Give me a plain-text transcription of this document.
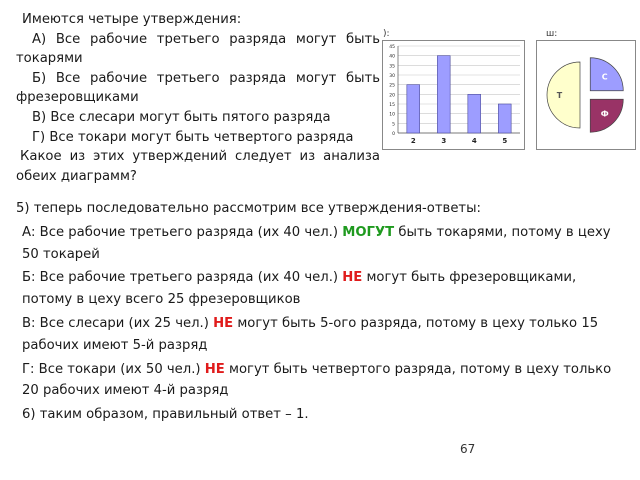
Имеются четыре утверждения:

А) Все рабочие третьего разряда могут быть токарями

Б) Все рабочие третьего разряда могут быть фрезеровщиками

В) Все слесари могут быть пятого разряда

Г) Все токари могут быть четвертого разряда

Какое из этих утверждений следует из анализа обеих диаграмм?

):	ш:
0
5
10
15
20
25
30
35
40
45
2	3	4	5
Т
С
Ф

5) теперь последовательно рассмотрим все утверждения-ответы:

А: Все рабочие третьего разряда (их 40 чел.) МОГУТ быть токарями, потому в цеху 50 токарей

Б: Все рабочие третьего разряда (их 40 чел.) НЕ могут быть фрезеровщиками, потому в цеху всего 25 фрезеровщиков

В: Все слесари (их 25 чел.) НЕ могут быть 5-ого разряда, потому в цеху только 15 рабочих имеют 5-й разряд

Г: Все токари (их 50 чел.) НЕ могут быть четвертого разряда, потому в цеху только 20 рабочих имеют 4-й разряд

6) таким образом, правильный ответ – 1.

67
